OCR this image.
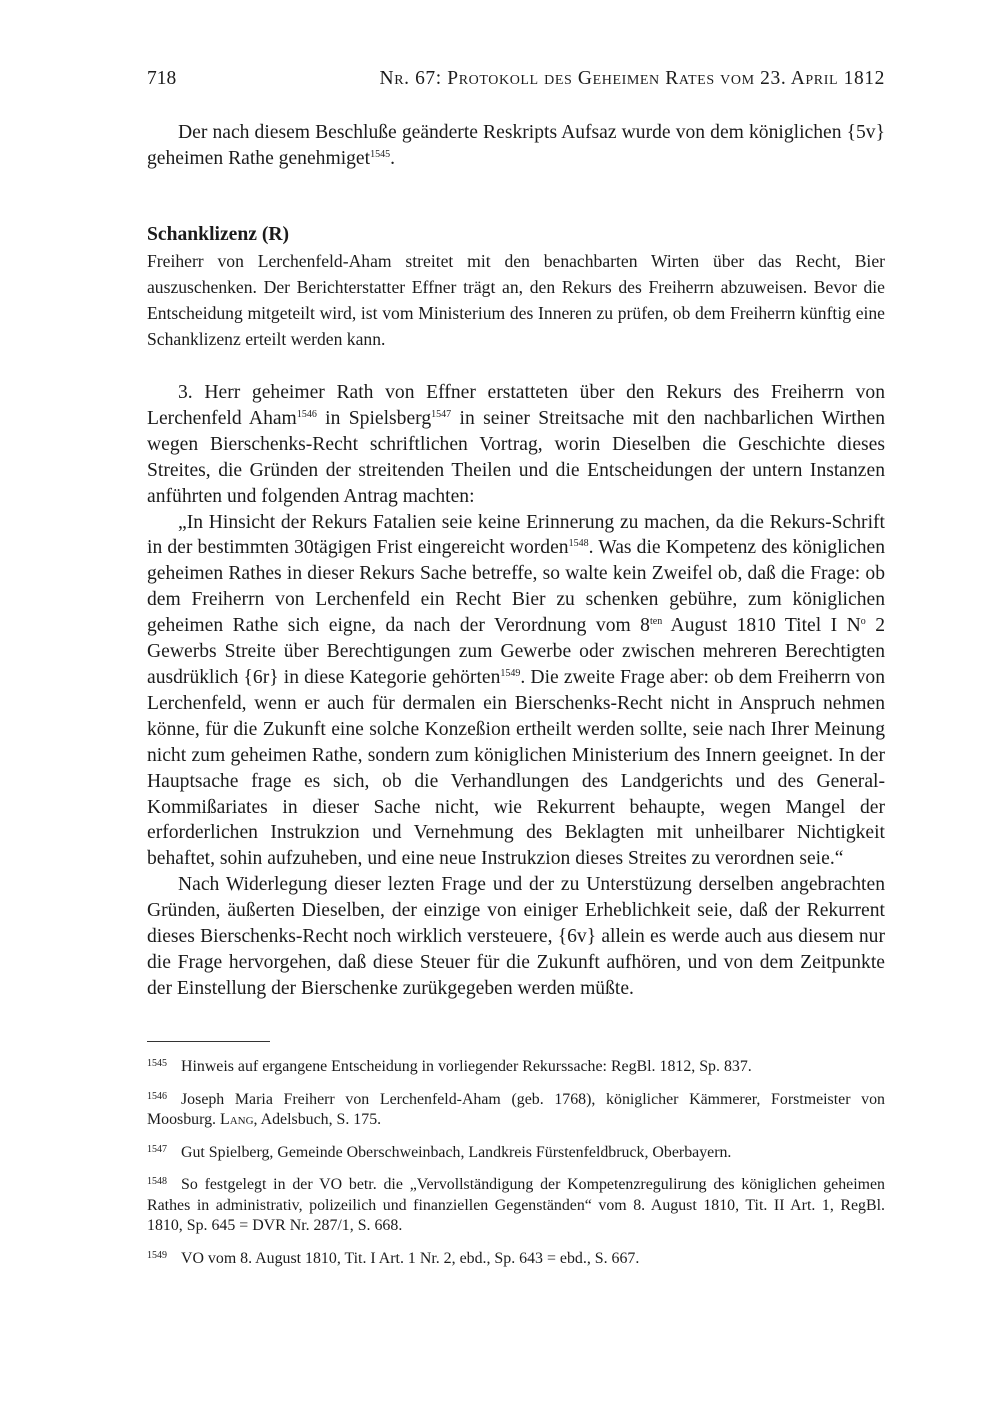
718	Nr. 67: Protokoll des Geheimen Rates vom 23. April 1812

Der nach diesem Beschluße geänderte Reskripts Aufsaz wurde von dem königlichen {5v} geheimen Rathe genehmiget$^{1545}$.

Schanklizenz (R)

Freiherr von Lerchenfeld-Aham streitet mit den benachbarten Wirten über das Recht, Bier auszuschenken. Der Berichterstatter Effner trägt an, den Rekurs des Freiherrn abzuweisen. Bevor die Entscheidung mitgeteilt wird, ist vom Ministerium des Inneren zu prüfen, ob dem Freiherrn künftig eine Schanklizenz erteilt werden kann.

3. Herr geheimer Rath von Effner erstatteten über den Rekurs des Freiherrn von Lerchenfeld Aham$^{1546}$ in Spielsberg$^{1547}$ in seiner Streitsache mit den nachbarlichen Wirthen wegen Bierschenks-Recht schriftlichen Vortrag, worin Dieselben die Geschichte dieses Streites, die Gründen der streitenden Theilen und die Entscheidungen der untern Instanzen anführten und folgenden Antrag machten:

„In Hinsicht der Rekurs Fatalien seie keine Erinnerung zu machen, da die Rekurs-Schrift in der bestimmten 30tägigen Frist eingereicht worden$^{1548}$. Was die Kompetenz des königlichen geheimen Rathes in dieser Rekurs Sache betreffe, so walte kein Zweifel ob, daß die Frage: ob dem Freiherrn von Lerchenfeld ein Recht Bier zu schenken gebühre, zum königlichen geheimen Rathe sich eigne, da nach der Verordnung vom $8^{ten}$ August 1810 Titel I $N^o$ 2 Gewerbs Streite über Berechtigungen zum Gewerbe oder zwischen mehreren Berechtigten ausdrüklich {6r} in diese Kategorie gehörten$^{1549}$. Die zweite Frage aber: ob dem Freiherrn von Lerchenfeld, wenn er auch für dermalen ein Bierschenks-Recht nicht in Anspruch nehmen könne, für die Zukunft eine solche Konzeßion ertheilt werden sollte, seie nach Ihrer Meinung nicht zum geheimen Rathe, sondern zum königlichen Ministerium des Innern geeignet. In der Hauptsache frage es sich, ob die Verhandlungen des Landgerichts und des General-Kommißariates in dieser Sache nicht, wie Rekurrent behaupte, wegen Mangel der erforderlichen Instrukzion und Vernehmung des Beklagten mit unheilbarer Nichtigkeit behaftet, sohin aufzuheben, und eine neue Instrukzion dieses Streites zu verordnen seie.“

Nach Widerlegung dieser lezten Frage und der zu Unterstüzung derselben angebrachten Gründen, äußerten Dieselben, der einzige von einiger Erheblichkeit seie, daß der Rekurrent dieses Bierschenks-Recht noch wirklich versteuere, {6v} allein es werde auch aus diesem nur die Frage hervorgehen, daß diese Steuer für die Zukunft aufhören, und von dem Zeitpunkte der Einstellung der Bierschenke zurükgegeben werden müßte.

1545 Hinweis auf ergangene Entscheidung in vorliegender Rekurssache: RegBl. 1812, Sp. 837.

1546 Joseph Maria Freiherr von Lerchenfeld-Aham (geb. 1768), königlicher Kämmerer, Forstmeister von Moosburg. Lang, Adelsbuch, S. 175.

1547 Gut Spielberg, Gemeinde Oberschweinbach, Landkreis Fürstenfeldbruck, Oberbayern.

1548 So festgelegt in der VO betr. die „Vervollständigung der Kompetenzregulirung des königlichen geheimen Rathes in administrativ, polizeilich und finanziellen Gegenständen“ vom 8. August 1810, Tit. II Art. 1, RegBl. 1810, Sp. 645 = DVR Nr. 287/1, S. 668.

1549 VO vom 8. August 1810, Tit. I Art. 1 Nr. 2, ebd., Sp. 643 = ebd., S. 667.
